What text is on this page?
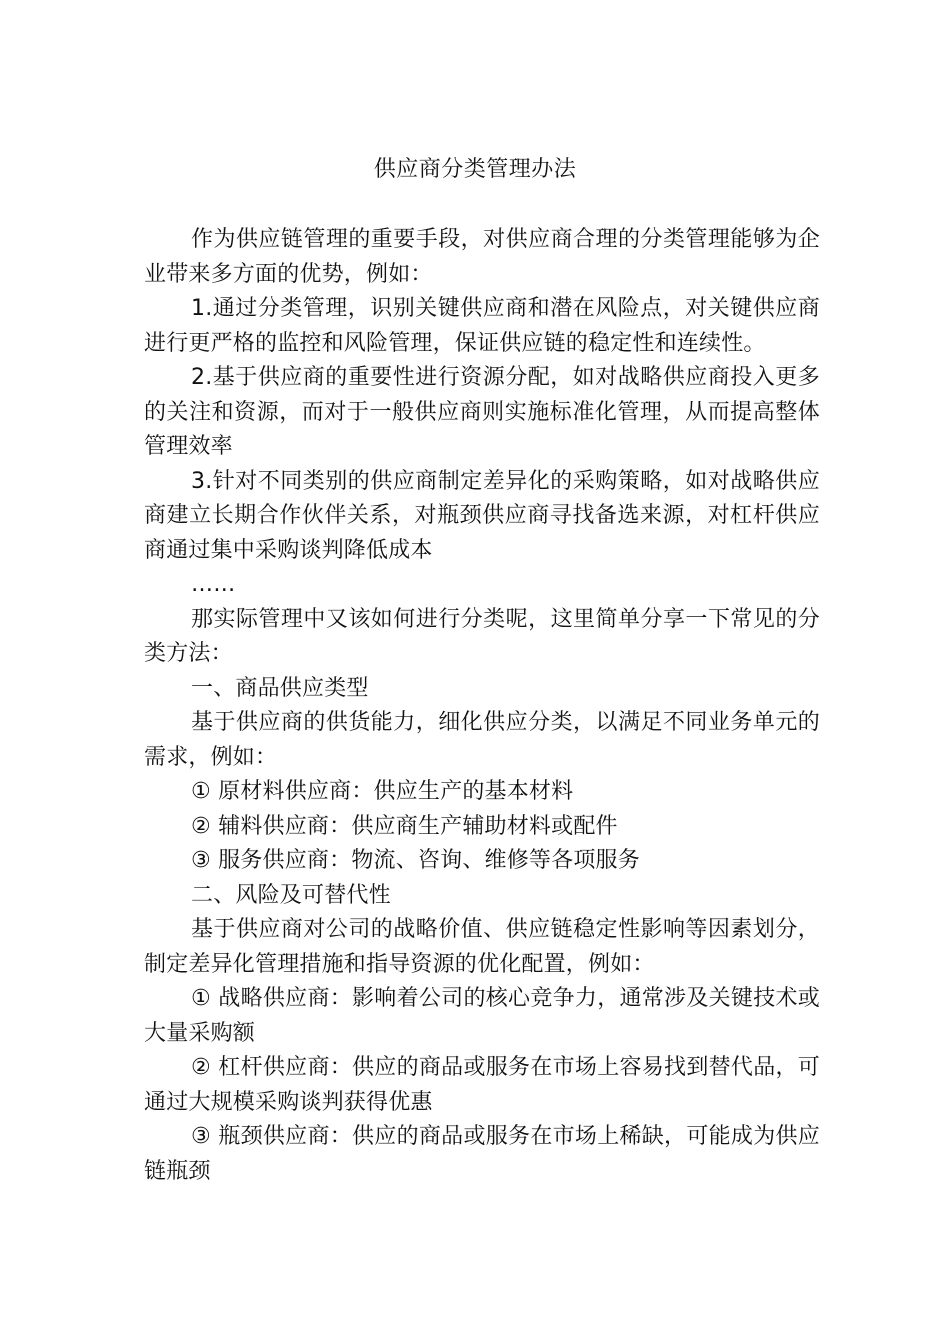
供应商分类管理办法

作为供应链管理的重要手段，对供应商合理的分类管理能够为企业带来多方面的优势，例如：

1.通过分类管理，识别关键供应商和潜在风险点，对关键供应商进行更严格的监控和风险管理，保证供应链的稳定性和连续性。

2.基于供应商的重要性进行资源分配，如对战略供应商投入更多的关注和资源，而对于一般供应商则实施标准化管理，从而提高整体管理效率

3.针对不同类别的供应商制定差异化的采购策略，如对战略供应商建立长期合作伙伴关系，对瓶颈供应商寻找备选来源，对杠杆供应商通过集中采购谈判降低成本

……

那实际管理中又该如何进行分类呢，这里简单分享一下常见的分类方法：

一、商品供应类型

基于供应商的供货能力，细化供应分类，以满足不同业务单元的需求，例如：

① 原材料供应商：供应生产的基本材料

② 辅料供应商：供应商生产辅助材料或配件

③ 服务供应商：物流、咨询、维修等各项服务

二、风险及可替代性

基于供应商对公司的战略价值、供应链稳定性影响等因素划分，制定差异化管理措施和指导资源的优化配置，例如：

① 战略供应商：影响着公司的核心竞争力，通常涉及关键技术或大量采购额

② 杠杆供应商：供应的商品或服务在市场上容易找到替代品，可通过大规模采购谈判获得优惠

③ 瓶颈供应商：供应的商品或服务在市场上稀缺，可能成为供应链瓶颈
